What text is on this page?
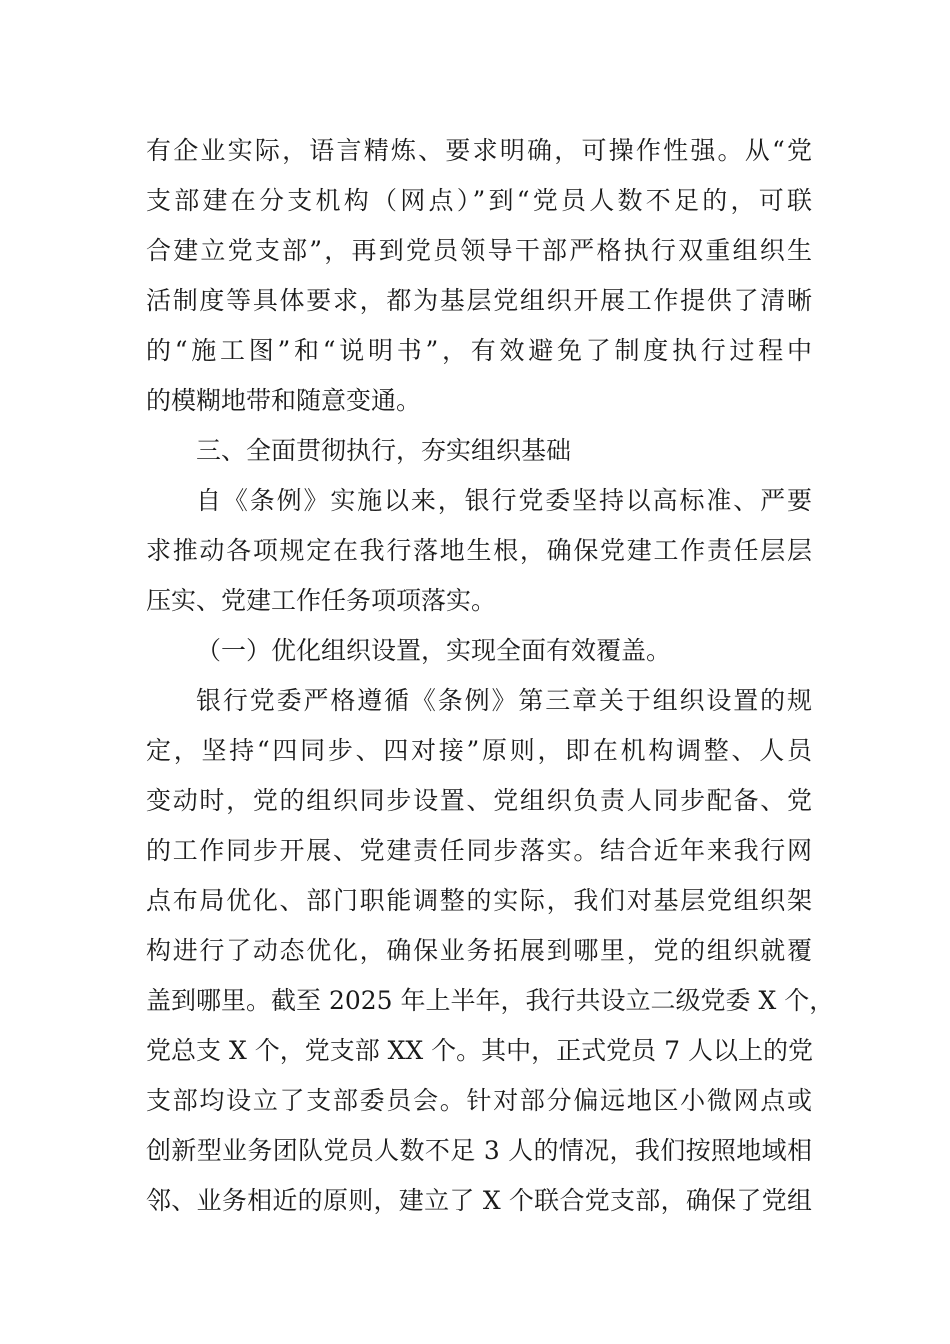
有企业实际，语言精炼、要求明确，可操作性强。从“党
支部建在分支机构（网点）”到“党员人数不足的，可联
合建立党支部”，再到党员领导干部严格执行双重组织生
活制度等具体要求，都为基层党组织开展工作提供了清晰
的“施工图”和“说明书”，有效避免了制度执行过程中
的模糊地带和随意变通。
三、全面贯彻执行，夯实组织基础
自《条例》实施以来，银行党委坚持以高标准、严要
求推动各项规定在我行落地生根，确保党建工作责任层层
压实、党建工作任务项项落实。
（一）优化组织设置，实现全面有效覆盖。
银行党委严格遵循《条例》第三章关于组织设置的规
定，坚持“四同步、四对接”原则，即在机构调整、人员
变动时，党的组织同步设置、党组织负责人同步配备、党
的工作同步开展、党建责任同步落实。结合近年来我行网
点布局优化、部门职能调整的实际，我们对基层党组织架
构进行了动态优化，确保业务拓展到哪里，党的组织就覆
盖到哪里。截至 2025 年上半年，我行共设立二级党委 X 个，
党总支 X 个，党支部 XX 个。其中，正式党员 7 人以上的党
支部均设立了支部委员会。针对部分偏远地区小微网点或
创新型业务团队党员人数不足 3 人的情况，我们按照地域相
邻、业务相近的原则，建立了 X 个联合党支部，确保了党组
